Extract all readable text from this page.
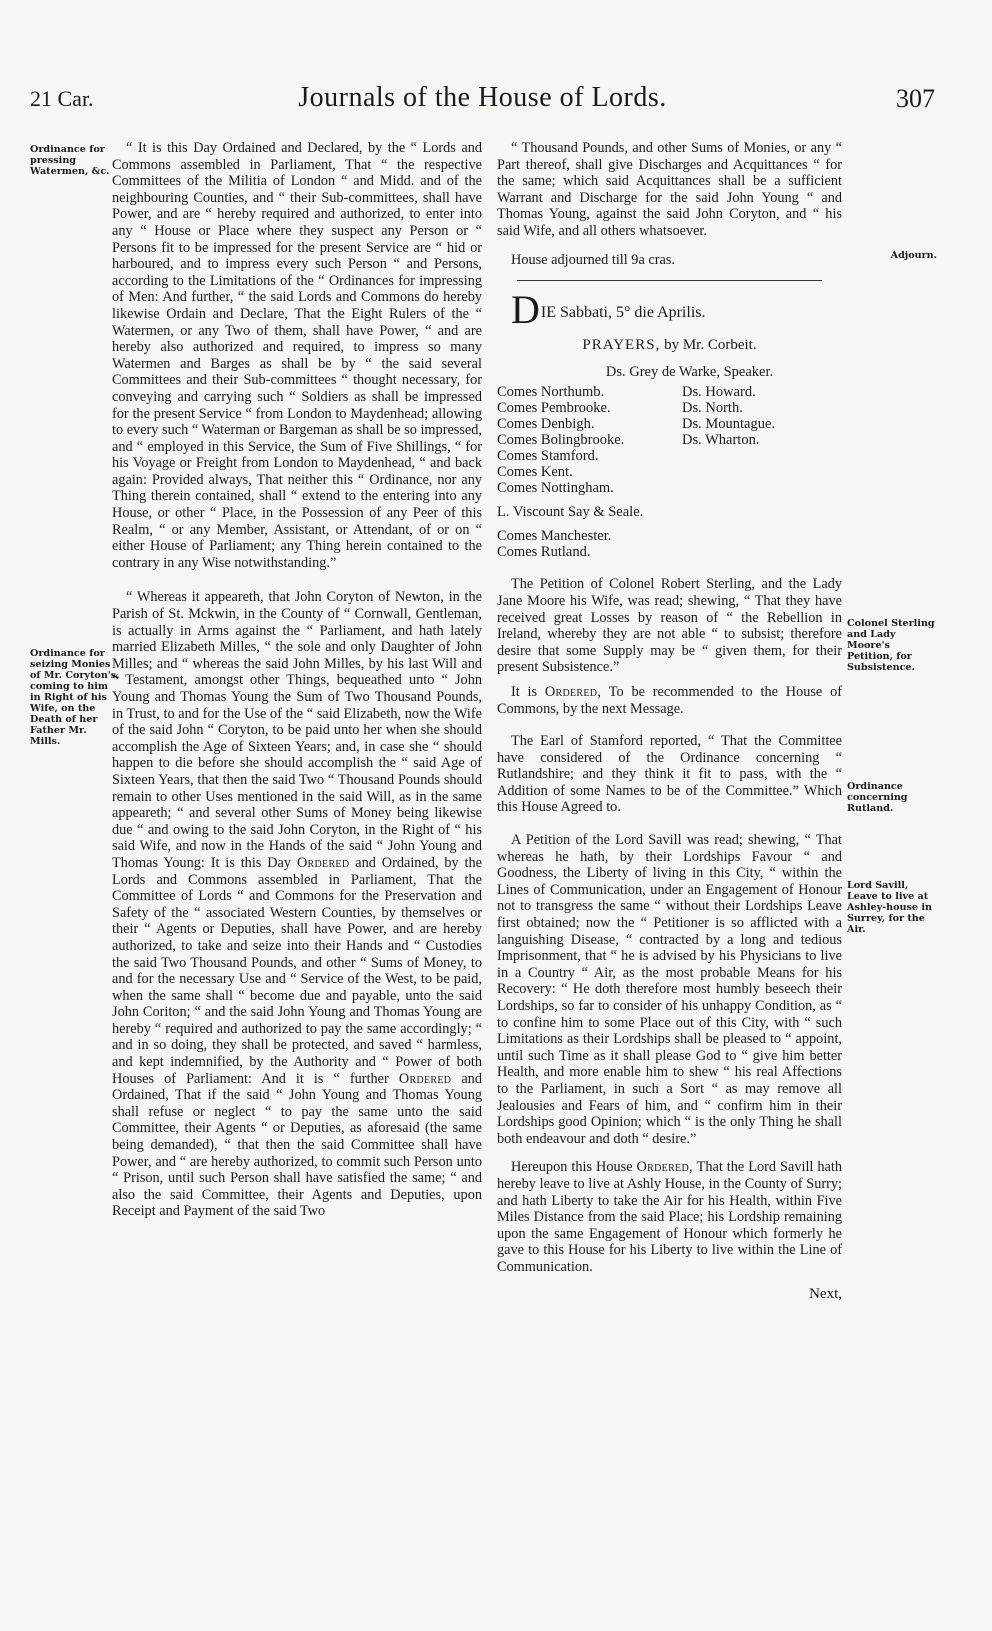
21 Car.	Journals of the House of Lords.	307
Ordinance for pressing Watermen, &c.
Ordinance for seizing Monies of Mr. Coryton's, coming to him in Right of his Wife, on the Death of her Father Mr. Mills.
Adjourn.
Colonel Sterling and Lady Moore's Petition, for Subsistence.
Ordinance concerning Rutland.
Lord Savill, Leave to live at Ashley-house in Surrey, for the Air.

“ It is this Day Ordained and Declared, by the “ Lords and Commons assembled in Parliament, That “ the respective Committees of the Militia of London “ and Midd. and of the neighbouring Counties, and “ their Sub-committees, shall have Power, and are “ hereby required and authorized, to enter into any “ House or Place where they suspect any Person or “ Persons fit to be impressed for the present Service are “ hid or harboured, and to impress every such Person “ and Persons, according to the Limitations of the “ Ordinances for impressing of Men: And further, “ the said Lords and Commons do hereby likewise Ordain and Declare, That the Eight Rulers of the “ Watermen, or any Two of them, shall have Power, “ and are hereby also authorized and required, to impress so many Watermen and Barges as shall be by “ the said several Committees and their Sub-committees “ thought necessary, for conveying and carrying such “ Soldiers as shall be impressed for the present Service “ from London to Maydenhead; allowing to every such “ Waterman or Bargeman as shall be so impressed, and “ employed in this Service, the Sum of Five Shillings, “ for his Voyage or Freight from London to Maydenhead, “ and back again: Provided always, That neither this “ Ordinance, nor any Thing therein contained, shall “ extend to the entering into any House, or other “ Place, in the Possession of any Peer of this Realm, “ or any Member, Assistant, or Attendant, of or on “ either House of Parliament; any Thing herein contained to the contrary in any Wise notwithstanding.”

“ Whereas it appeareth, that John Coryton of Newton, in the Parish of St. Mckwin, in the County of “ Cornwall, Gentleman, is actually in Arms against the “ Parliament, and hath lately married Elizabeth Milles, “ the sole and only Daughter of John Milles; and “ whereas the said John Milles, by his last Will and “ Testament, amongst other Things, bequeathed unto “ John Young and Thomas Young the Sum of Two Thousand Pounds, in Trust, to and for the Use of the “ said Elizabeth, now the Wife of the said John “ Coryton, to be paid unto her when she should accomplish the Age of Sixteen Years; and, in case she “ should happen to die before she should accomplish the “ said Age of Sixteen Years, that then the said Two “ Thousand Pounds should remain to other Uses mentioned in the said Will, as in the same appeareth; “ and several other Sums of Money being likewise due “ and owing to the said John Coryton, in the Right of “ his said Wife, and now in the Hands of the said “ John Young and Thomas Young: It is this Day Ordered and Ordained, by the Lords and Commons assembled in Parliament, That the Committee of Lords “ and Commons for the Preservation and Safety of the “ associated Western Counties, by themselves or their “ Agents or Deputies, shall have Power, and are hereby authorized, to take and seize into their Hands and “ Custodies the said Two Thousand Pounds, and other “ Sums of Money, to and for the necessary Use and “ Service of the West, to be paid, when the same shall “ become due and payable, unto the said John Coriton; “ and the said John Young and Thomas Young are hereby “ required and authorized to pay the same accordingly; “ and in so doing, they shall be protected, and saved “ harmless, and kept indemnified, by the Authority and “ Power of both Houses of Parliament: And it is “ further Ordered and Ordained, That if the said “ John Young and Thomas Young shall refuse or neglect “ to pay the same unto the said Committee, their Agents “ or Deputies, as aforesaid (the same being demanded), “ that then the said Committee shall have Power, and “ are hereby authorized, to commit such Person unto “ Prison, until such Person shall have satisfied the same; “ and also the said Committee, their Agents and Deputies, upon Receipt and Payment of the said Two

“ Thousand Pounds, and other Sums of Monies, or any “ Part thereof, shall give Discharges and Acquittances “ for the same; which said Acquittances shall be a sufficient Warrant and Discharge for the said John Young “ and Thomas Young, against the said John Coryton, and “ his said Wife, and all others whatsoever.

House adjourned till 9a cras.

DIE Sabbati, 5° die Aprilis.

PRAYERS, by Mr. Corbeit.
Ds. Grey de Warke, Speaker.
Comes Northumb.
Comes Pembrooke.
Comes Denbigh.
Comes Bolingbrooke.
Comes Stamford.
Comes Kent.
Comes Nottingham.
L. Viscount Say & Seale.
Comes Manchester.
Comes Rutland.
Ds. Howard.
Ds. North.
Ds. Mountague.
Ds. Wharton.

The Petition of Colonel Robert Sterling, and the Lady Jane Moore his Wife, was read; shewing, “ That they have received great Losses by reason of “ the Rebellion in Ireland, whereby they are not able “ to subsist; therefore desire that some Supply may be “ given them, for their present Subsistence.”

It is Ordered, To be recommended to the House of Commons, by the next Message.

The Earl of Stamford reported, “ That the Committee have considered of the Ordinance concerning “ Rutlandshire; and they think it fit to pass, with the “ Addition of some Names to be of the Committee.” Which this House Agreed to.

A Petition of the Lord Savill was read; shewing, “ That whereas he hath, by their Lordships Favour “ and Goodness, the Liberty of living in this City, “ within the Lines of Communication, under an Engagement of Honour not to transgress the same “ without their Lordships Leave first obtained; now the “ Petitioner is so afflicted with a languishing Disease, “ contracted by a long and tedious Imprisonment, that “ he is advised by his Physicians to live in a Country “ Air, as the most probable Means for his Recovery: “ He doth therefore most humbly beseech their Lordships, so far to consider of his unhappy Condition, as “ to confine him to some Place out of this City, with “ such Limitations as their Lordships shall be pleased to “ appoint, until such Time as it shall please God to “ give him better Health, and more enable him to shew “ his real Affections to the Parliament, in such a Sort “ as may remove all Jealousies and Fears of him, and “ confirm him in their Lordships good Opinion; which “ is the only Thing he shall both endeavour and doth “ desire.”

Hereupon this House Ordered, That the Lord Savill hath hereby leave to live at Ashly House, in the County of Surry; and hath Liberty to take the Air for his Health, within Five Miles Distance from the said Place; his Lordship remaining upon the same Engagement of Honour which formerly he gave to this House for his Liberty to live within the Line of Communication.

Next,
